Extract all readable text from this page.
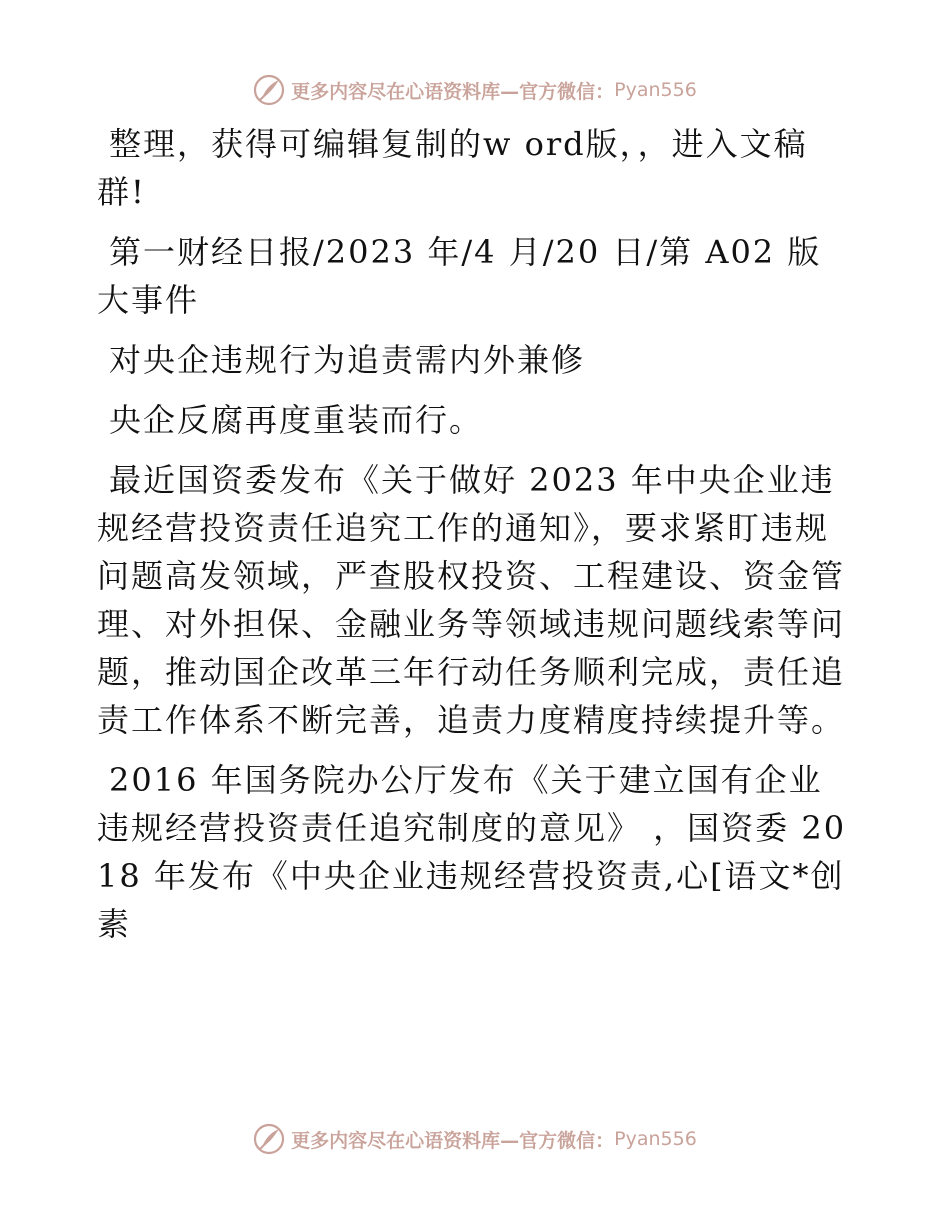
更多内容尽在心语资料库—官方微信： Pyan556

整理，获得可编辑复制的w ord版，，进入文稿群!

第一财经日报/2023 年/4 月/20 日/第 A02 版大事件

对央企违规行为追责需内外兼修

央企反腐再度重装而行。

最近国资委发布《关于做好 2023 年中央企业违规经营投资责任追究工作的通知》，要求紧盯违规问题高发领域，严查股权投资、工程建设、资金管理、对外担保、金融业务等领域违规问题线索等问题，推动国企改革三年行动任务顺利完成，责任追责工作体系不断完善，追责力度精度持续提升等。

2016 年国务院办公厅发布《关于建立国有企业违规经营投资责任追究制度的意见》 ，国资委 2018 年发布《中央企业违规经营投资责,心[语文*创素

更多内容尽在心语资料库—官方微信： Pyan556
